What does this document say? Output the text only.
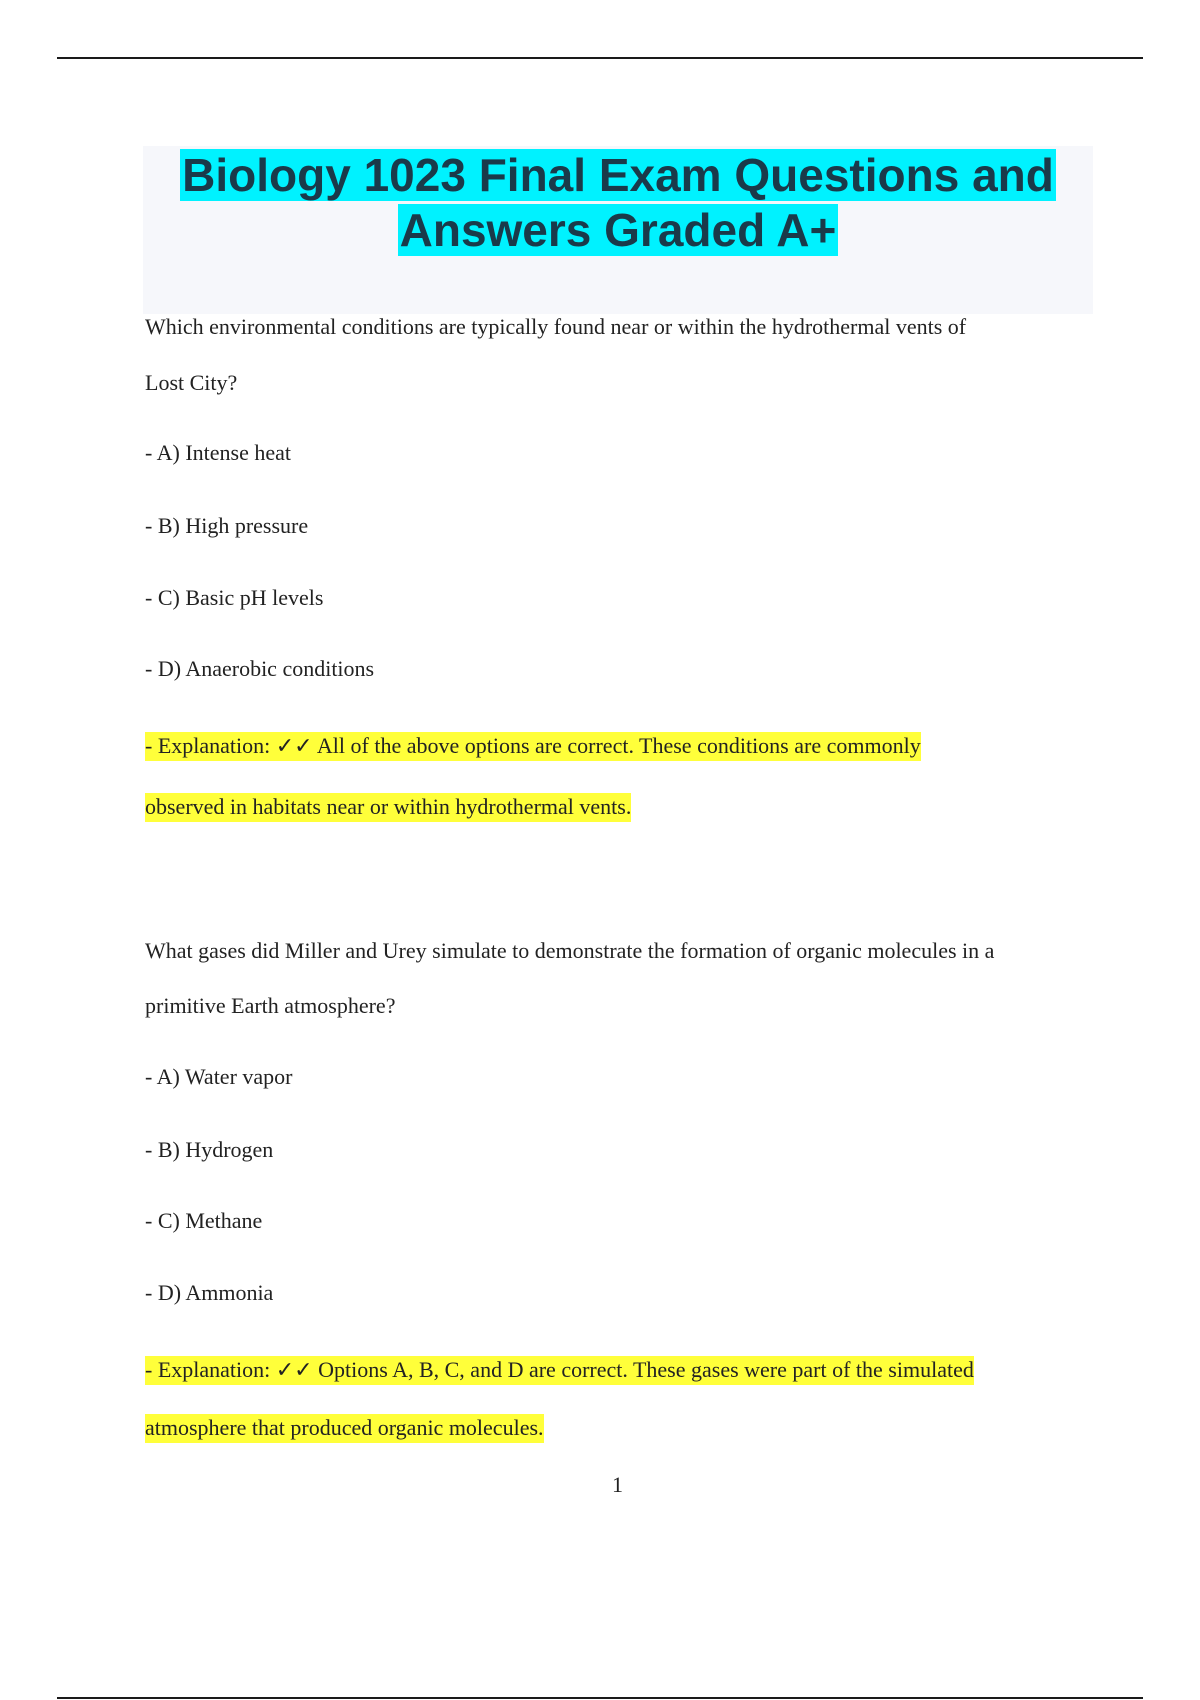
Biology 1023 Final Exam Questions and

Answers Graded A+

Which environmental conditions are typically found near or within the hydrothermal vents of
Lost City?
- A) Intense heat
- B) High pressure
- C) Basic pH levels
- D) Anaerobic conditions
- Explanation: ✓✓ All of the above options are correct. These conditions are commonly
observed in habitats near or within hydrothermal vents.
What gases did Miller and Urey simulate to demonstrate the formation of organic molecules in a
primitive Earth atmosphere?
- A) Water vapor
- B) Hydrogen
- C) Methane
- D) Ammonia
- Explanation: ✓✓ Options A, B, C, and D are correct. These gases were part of the simulated
atmosphere that produced organic molecules.
1
